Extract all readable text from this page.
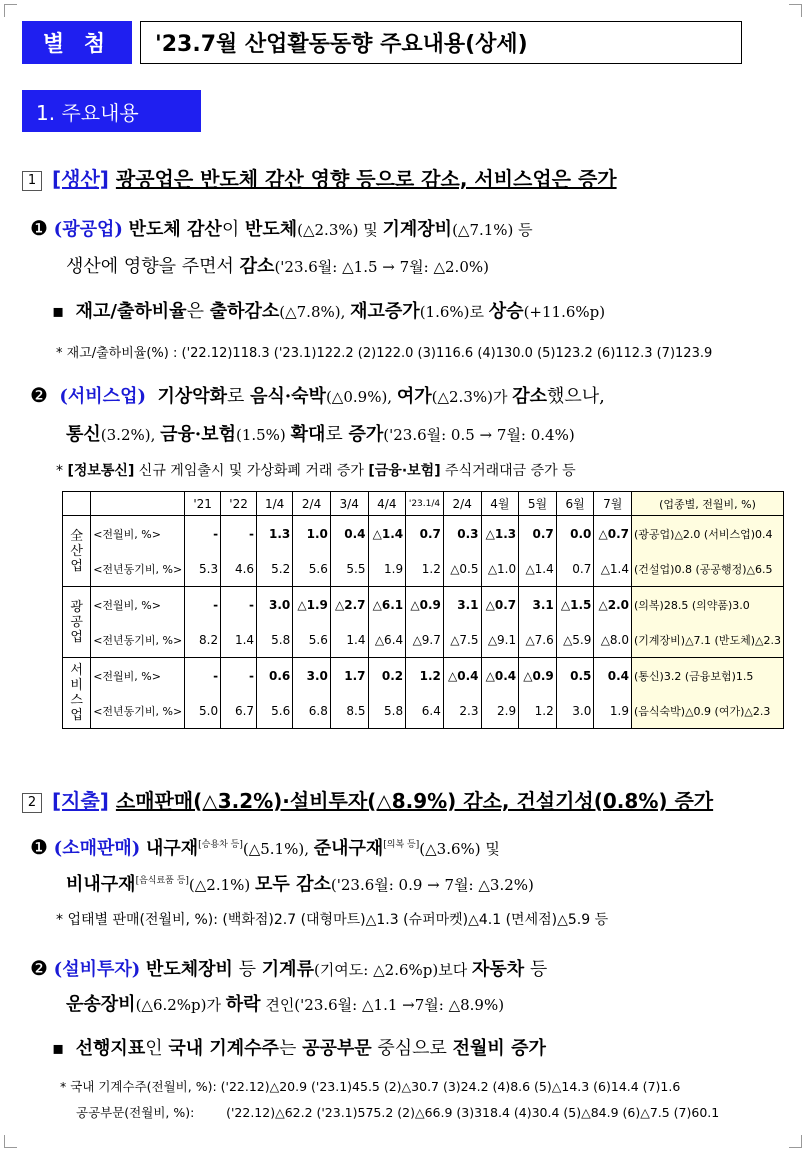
별 첨	'23.7월 산업활동동향 주요내용(상세)
1. 주요내용
1 [생산] 광공업은 반도체 감산 영향 등으로 감소, 서비스업은 증가
❶ (광공업) 반도체 감산이 반도체(△2.3%) 및 기계장비(△7.1%) 등
생산에 영향을 주면서 감소('23.6월: △1.5 → 7월: △2.0%)
▪  재고/출하비율은 출하감소(△7.8%), 재고증가(1.6%)로 상승(+11.6%p)
* 재고/출하비율(%) : ('22.12)118.3 ('23.1)122.2 (2)122.0 (3)116.6 (4)130.0 (5)123.2 (6)112.3 (7)123.9
❷ (서비스업) 기상악화로 음식·숙박(△0.9%), 여가(△2.3%)가 감소했으나,
통신(3.2%), 금융·보험(1.5%) 확대로 증가('23.6월: 0.5 → 7월: 0.4%)
* [정보통신] 신규 게임출시 및 가상화폐 거래 증가 [금융·보험] 주식거래대금 증가 등
		'21	'22	1/4	2/4	3/4	4/4	'23.1/4	2/4	4월	5월	6월	7월	(업종별, 전월비, %)
全 산 업	<전월비, %>	-	-	1.3	1.0	0.4	△1.4	0.7	0.3	△1.3	0.7	0.0	△0.7	(광공업)△2.0 (서비스업)0.4
	<전년동기비, %>	5.3	4.6	5.2	5.6	5.5	1.9	1.2	△0.5	△1.0	△1.4	0.7	△1.4	(건설업)0.8 (공공행정)△6.5
광 공 업	<전월비, %>	-	-	3.0	△1.9	△2.7	△6.1	△0.9	3.1	△0.7	3.1	△1.5	△2.0	(의복)28.5 (의약품)3.0
	<전년동기비, %>	8.2	1.4	5.8	5.6	1.4	△6.4	△9.7	△7.5	△9.1	△7.6	△5.9	△8.0	(기계장비)△7.1 (반도체)△2.3
서 비 스 업	<전월비, %>	-	-	0.6	3.0	1.7	0.2	1.2	△0.4	△0.4	△0.9	0.5	0.4	(통신)3.2 (금융보험)1.5
	<전년동기비, %>	5.0	6.7	5.6	6.8	8.5	5.8	6.4	2.3	2.9	1.2	3.0	1.9	(음식숙박)△0.9 (여가)△2.3
2 [지출] 소매판매(△3.2%)·설비투자(△8.9%) 감소, 건설기성(0.8%) 증가
❶ (소매판매) 내구재[승용차 등](△5.1%), 준내구재[의복 등](△3.6%) 및
비내구재[음식료품 등](△2.1%) 모두 감소('23.6월: 0.9 → 7월: △3.2%)
* 업태별 판매(전월비, %): (백화점)2.7 (대형마트)△1.3 (슈퍼마켓)△4.1 (면세점)△5.9 등
❷ (설비투자) 반도체장비 등 기계류(기여도: △2.6%p)보다 자동차 등
운송장비(△6.2%p)가 하락 견인('23.6월: △1.1 →7월: △8.9%)
▪  선행지표인 국내 기계수주는 공공부문 중심으로 전월비 증가
* 국내 기계수주(전월비, %): ('22.12)△20.9 ('23.1)45.5 (2)△30.7 (3)24.2 (4)8.6 (5)△14.3 (6)14.4 (7)1.6
공공부문(전월비, %):        ('22.12)△62.2 ('23.1)575.2 (2)△66.9 (3)318.4 (4)30.4 (5)△84.9 (6)△7.5 (7)60.1
